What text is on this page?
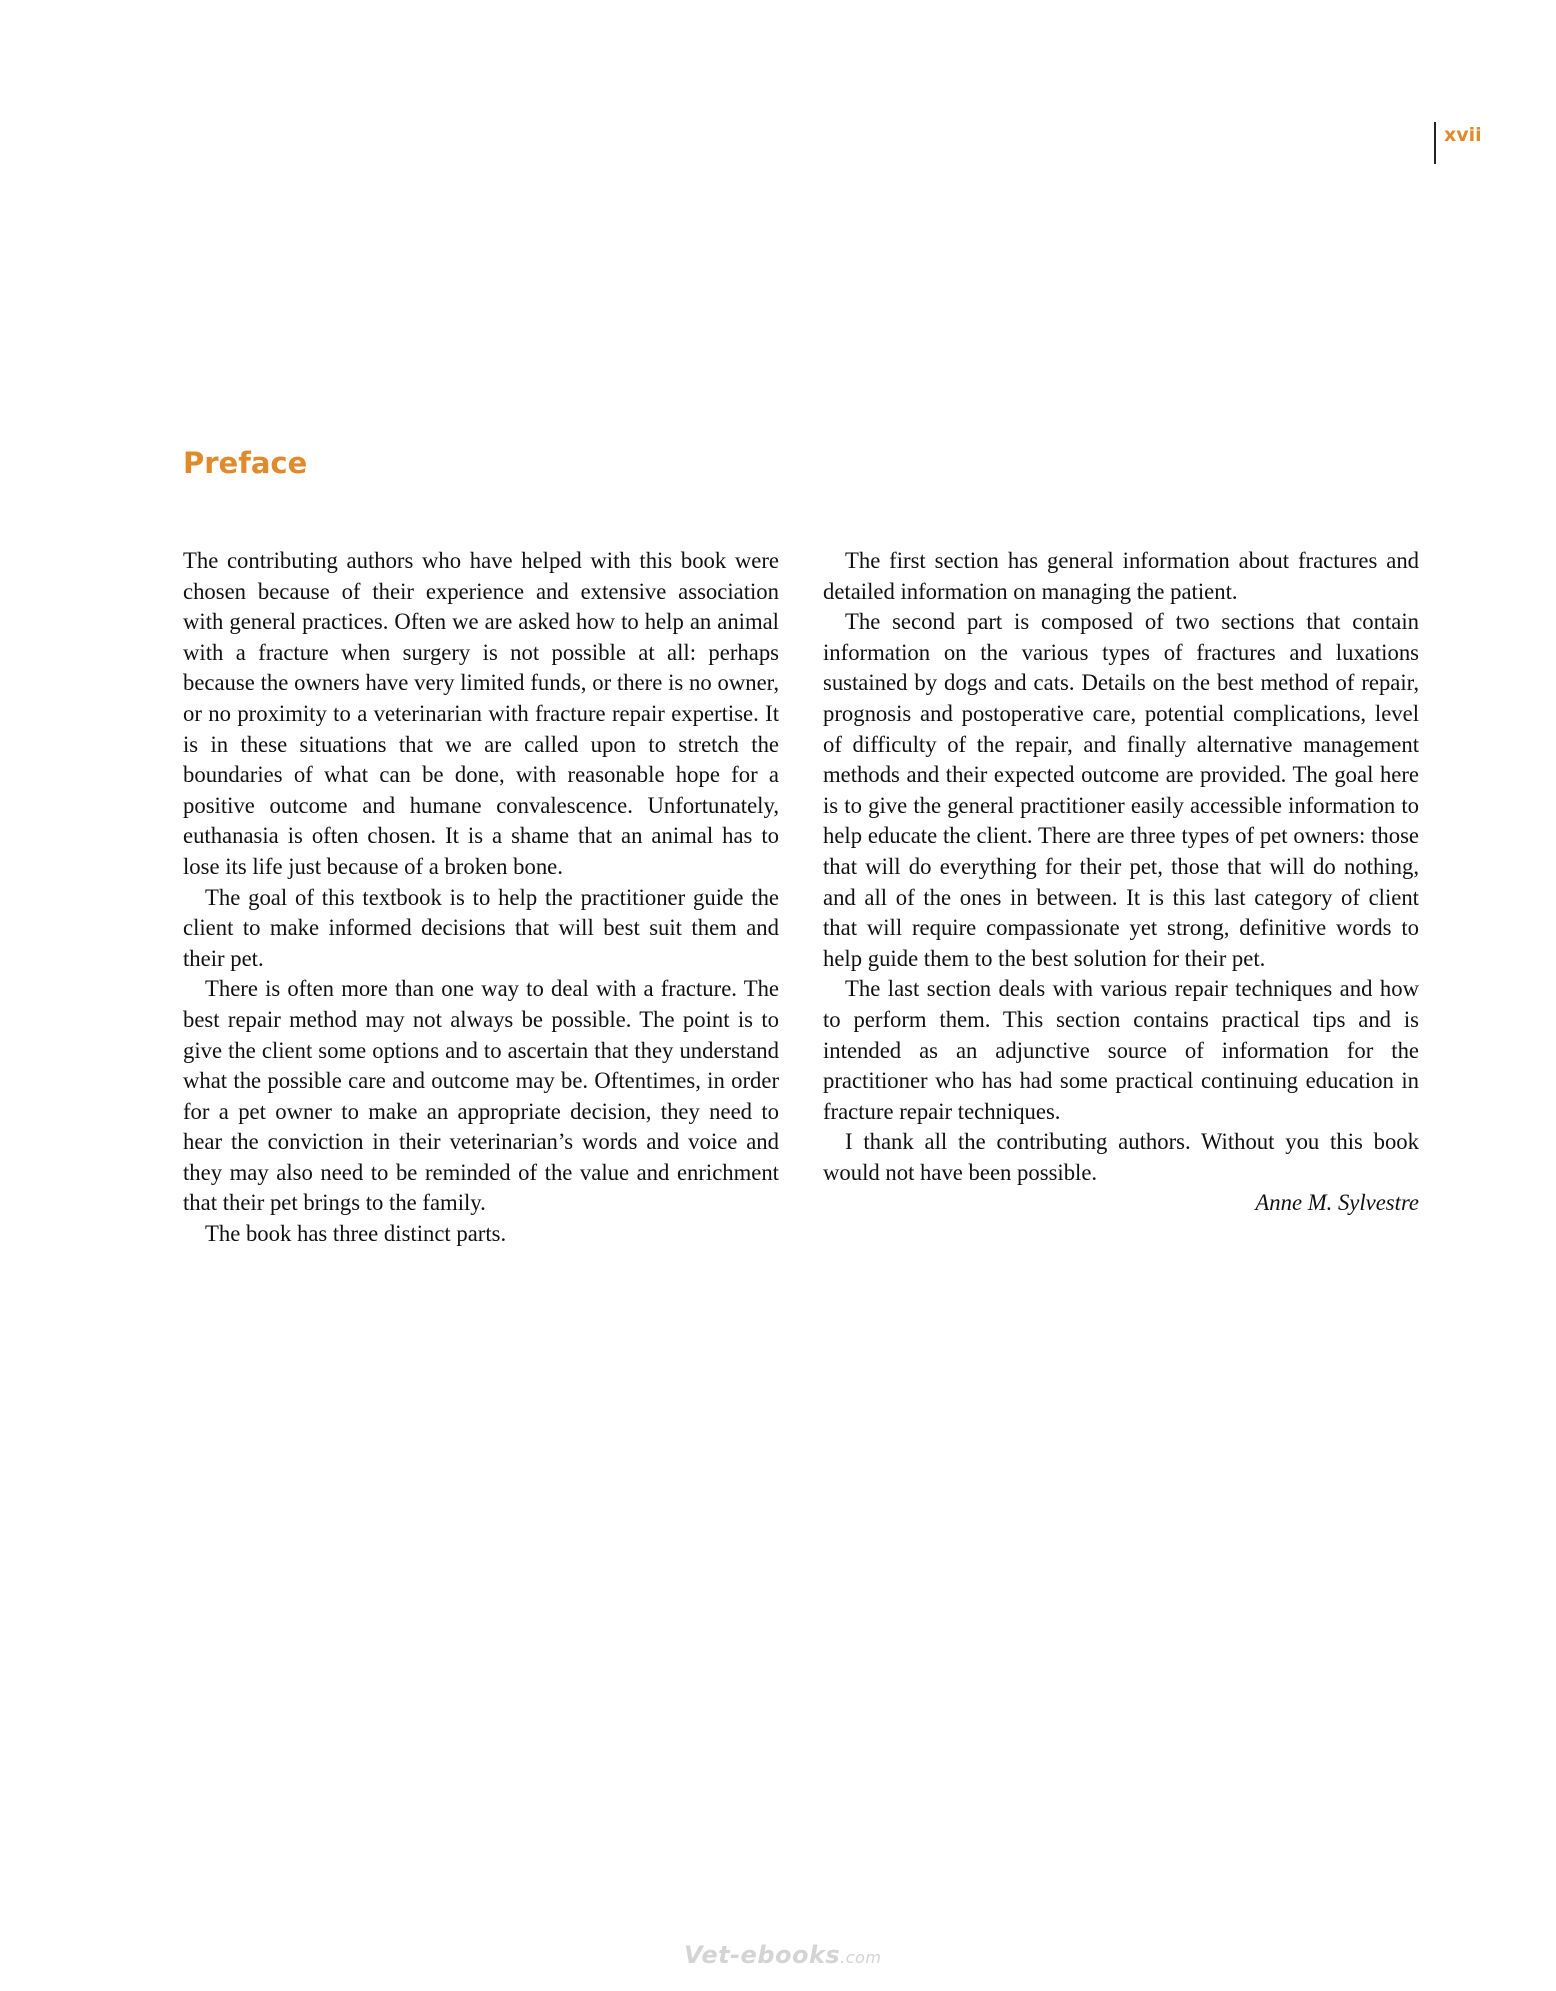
xvii
Preface

The contributing authors who have helped with this book were chosen because of their experience and extensive association with general practices. Often we are asked how to help an animal with a fracture when surgery is not possible at all: perhaps because the owners have very limited funds, or there is no owner, or no proximity to a veterinarian with fracture repair expertise. It is in these situations that we are called upon to stretch the boundaries of what can be done, with reasonable hope for a positive outcome and humane convalescence. Unfortunately, euthanasia is often chosen. It is a shame that an animal has to lose its life just because of a broken bone.

The goal of this textbook is to help the practitioner guide the client to make informed decisions that will best suit them and their pet.

There is often more than one way to deal with a fracture. The best repair method may not always be possible. The point is to give the client some options and to ascertain that they understand what the possible care and outcome may be. Oftentimes, in order for a pet owner to make an appropriate decision, they need to hear the conviction in their veterinarian’s words and voice and they may also need to be reminded of the value and enrichment that their pet brings to the family.

The book has three distinct parts.

The first section has general information about fractures and detailed information on managing the patient.

The second part is composed of two sections that contain information on the various types of fractures and luxations sustained by dogs and cats. Details on the best method of repair, prognosis and postoperative care, potential complications, level of difficulty of the repair, and finally alternative management methods and their expected outcome are provided. The goal here is to give the general practitioner easily accessible information to help educate the client. There are three types of pet owners: those that will do everything for their pet, those that will do nothing, and all of the ones in between. It is this last category of client that will require compassionate yet strong, definitive words to help guide them to the best solution for their pet.

The last section deals with various repair techniques and how to perform them. This section contains practical tips and is intended as an adjunctive source of information for the practitioner who has had some practical continuing education in fracture repair techniques.

I thank all the contributing authors. Without you this book would not have been possible.

Anne M. Sylvestre

Vet-ebooks.com
